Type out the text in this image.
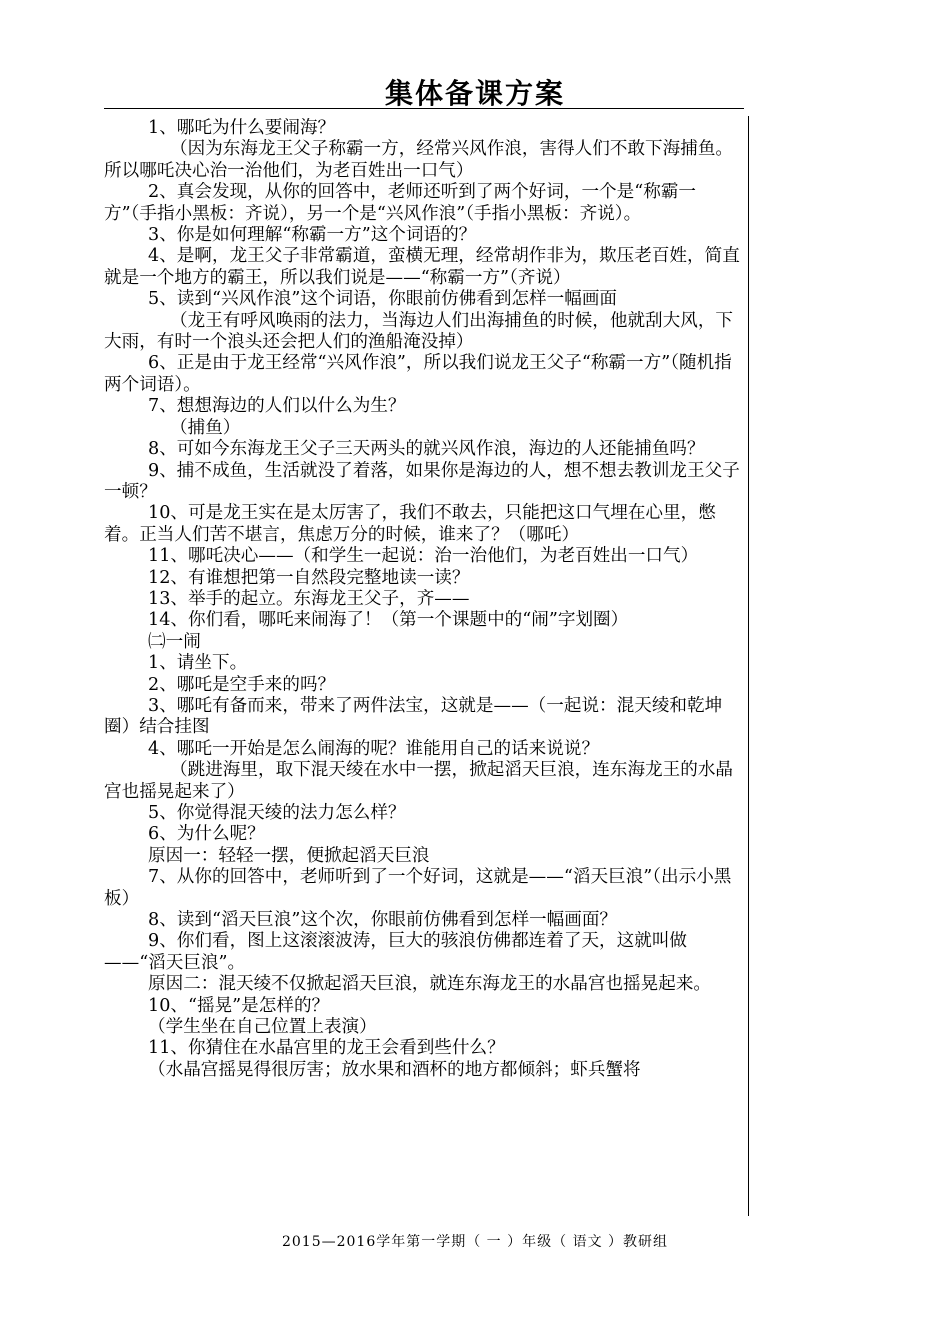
集体备课方案

1、哪吒为什么要闹海？

（因为东海龙王父子称霸一方，经常兴风作浪，害得人们不敢下海捕鱼。所以哪吒决心治一治他们，为老百姓出一口气）

2、真会发现，从你的回答中，老师还听到了两个好词，一个是“称霸一方”（手指小黑板：齐说），另一个是“兴风作浪”（手指小黑板：齐说）。

3、你是如何理解“称霸一方”这个词语的？

4、是啊，龙王父子非常霸道，蛮横无理，经常胡作非为，欺压老百姓，简直就是一个地方的霸王，所以我们说是——“称霸一方”（齐说）

5、读到“兴风作浪”这个词语，你眼前仿佛看到怎样一幅画面

（龙王有呼风唤雨的法力，当海边人们出海捕鱼的时候，他就刮大风，下大雨，有时一个浪头还会把人们的渔船淹没掉）

6、正是由于龙王经常“兴风作浪”，所以我们说龙王父子“称霸一方”（随机指两个词语）。

7、想想海边的人们以什么为生？

（捕鱼）

8、可如今东海龙王父子三天两头的就兴风作浪，海边的人还能捕鱼吗？

9、捕不成鱼，生活就没了着落，如果你是海边的人，想不想去教训龙王父子一顿？

10、可是龙王实在是太厉害了，我们不敢去，只能把这口气埋在心里，憋着。正当人们苦不堪言，焦虑万分的时候，谁来了？（哪吒）

11、哪吒决心——（和学生一起说：治一治他们，为老百姓出一口气）

12、有谁想把第一自然段完整地读一读？

13、举手的起立。东海龙王父子，齐——

14、你们看，哪吒来闹海了！（第一个课题中的“闹”字划圈）

㈡一闹

1、请坐下。

2、哪吒是空手来的吗？

3、哪吒有备而来，带来了两件法宝，这就是——（一起说：混天绫和乾坤圈）结合挂图

4、哪吒一开始是怎么闹海的呢？谁能用自己的话来说说？

（跳进海里，取下混天绫在水中一摆，掀起滔天巨浪，连东海龙王的水晶宫也摇晃起来了）

5、你觉得混天绫的法力怎么样？

6、为什么呢？

原因一：轻轻一摆，便掀起滔天巨浪

7、从你的回答中，老师听到了一个好词，这就是——“滔天巨浪”（出示小黑板）

8、读到“滔天巨浪”这个次，你眼前仿佛看到怎样一幅画面？

9、你们看，图上这滚滚波涛，巨大的骇浪仿佛都连着了天，这就叫做——“滔天巨浪”。

原因二：混天绫不仅掀起滔天巨浪，就连东海龙王的水晶宫也摇晃起来。

10、“摇晃”是怎样的？

（学生坐在自己位置上表演）

11、你猜住在水晶宫里的龙王会看到些什么？

（水晶宫摇晃得很厉害；放水果和酒杯的地方都倾斜；虾兵蟹将

2015—2016学年第一学期（ 一 ）年级（ 语文 ）教研组
